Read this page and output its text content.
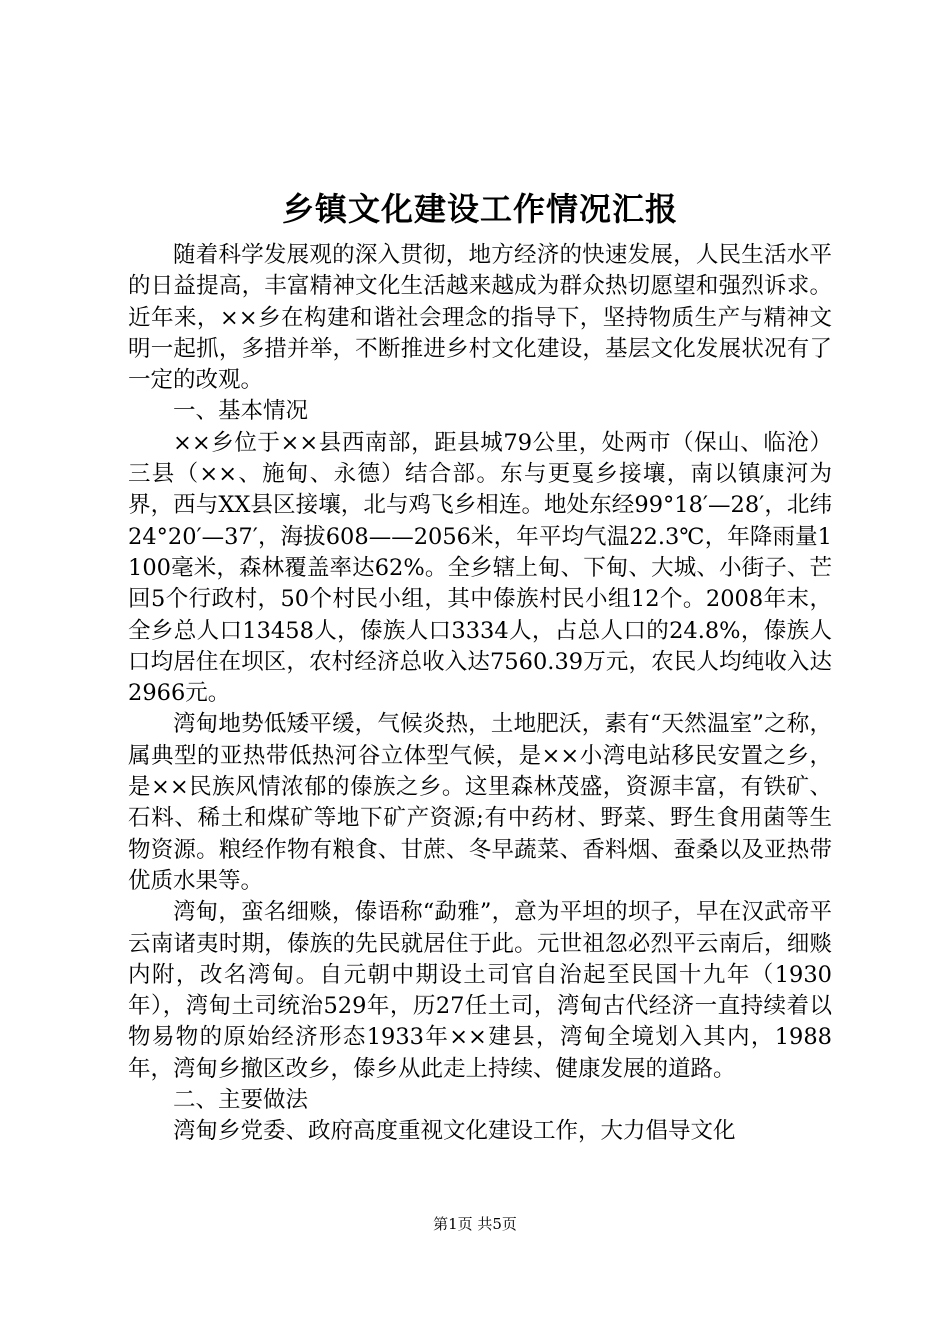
乡镇文化建设工作情况汇报

随着科学发展观的深入贯彻，地方经济的快速发展，人民生活水平的日益提高，丰富精神文化生活越来越成为群众热切愿望和强烈诉求。近年来，××乡在构建和谐社会理念的指导下，坚持物质生产与精神文明一起抓，多措并举，不断推进乡村文化建设，基层文化发展状况有了一定的改观。

一、基本情况

××乡位于××县西南部，距县城79公里，处两市（保山、临沧）三县（××、施甸、永德）结合部。东与更戛乡接壤，南以镇康河为界，西与XX县区接壤，北与鸡飞乡相连。地处东经99°18′—28′，北纬24°20′—37′，海拔608——2056米，年平均气温22.3℃，年降雨量1100毫米，森林覆盖率达62%。全乡辖上甸、下甸、大城、小街子、芒回5个行政村，50个村民小组，其中傣族村民小组12个。2008年末，全乡总人口13458人，傣族人口3334人，占总人口的24.8%，傣族人口均居住在坝区，农村经济总收入达7560.39万元，农民人均纯收入达2966元。

湾甸地势低矮平缓，气候炎热，土地肥沃，素有“天然温室”之称，属典型的亚热带低热河谷立体型气候，是××小湾电站移民安置之乡，是××民族风情浓郁的傣族之乡。这里森林茂盛，资源丰富，有铁矿、石料、稀土和煤矿等地下矿产资源;有中药材、野菜、野生食用菌等生物资源。粮经作物有粮食、甘蔗、冬早蔬菜、香料烟、蚕桑以及亚热带优质水果等。

湾甸，蛮名细赕，傣语称“勐雅”，意为平坦的坝子，早在汉武帝平云南诸夷时期，傣族的先民就居住于此。元世祖忽必烈平云南后，细赕内附，改名湾甸。自元朝中期设土司官自治起至民国十九年（1930年），湾甸土司统治529年，历27任土司，湾甸古代经济一直持续着以物易物的原始经济形态1933年××建县，湾甸全境划入其内，1988年，湾甸乡撤区改乡，傣乡从此走上持续、健康发展的道路。

二、主要做法

湾甸乡党委、政府高度重视文化建设工作，大力倡导文化

第1页 共5页
